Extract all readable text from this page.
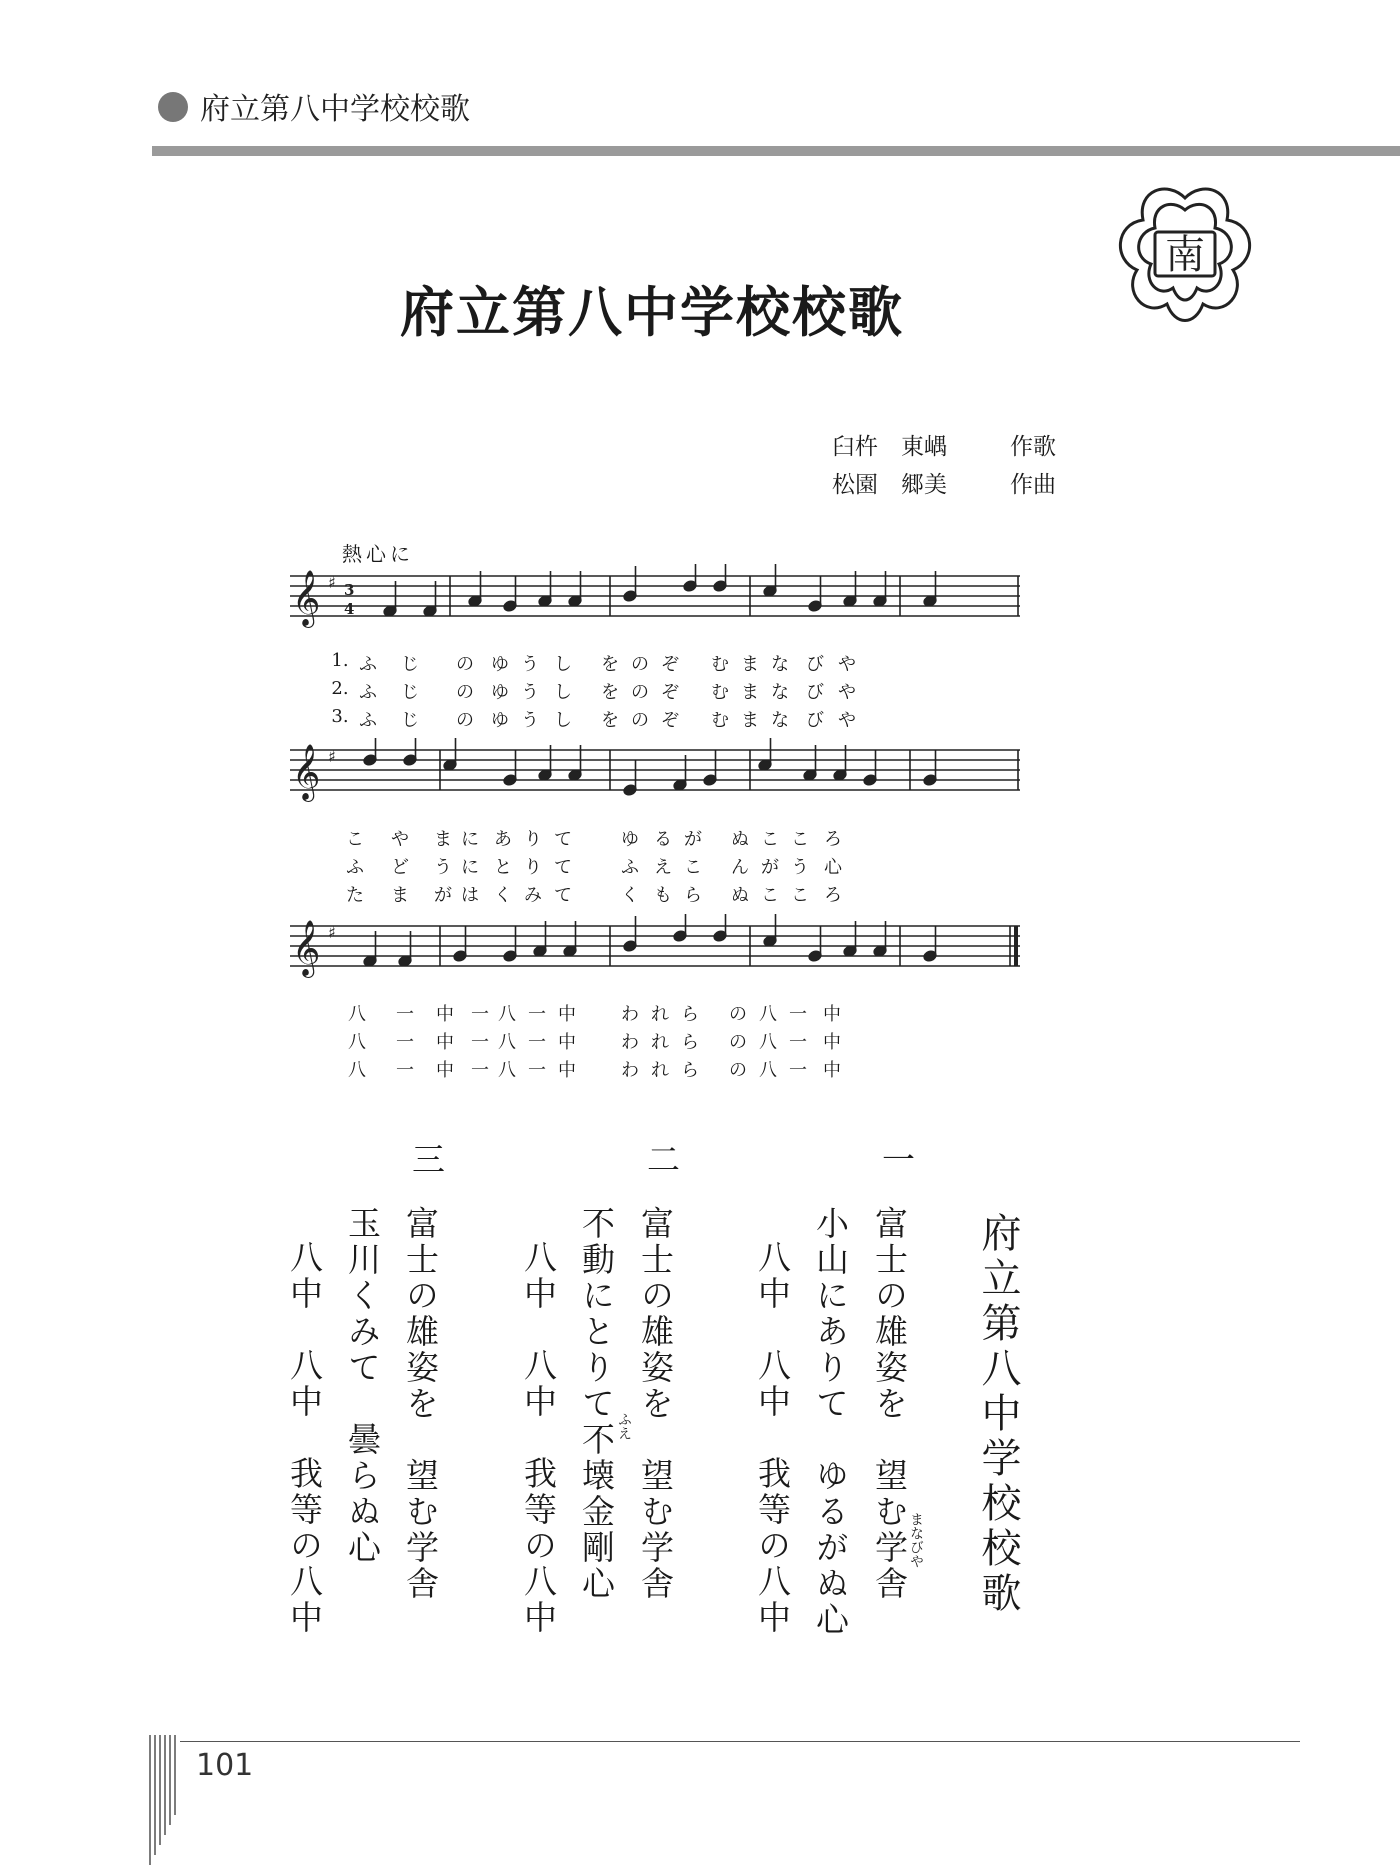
府立第八中学校校歌
府立第八中学校校歌
南
臼杵　東嵎	作歌
松園　郷美	作曲
熱心に
𝄞 ♯ 3
4
𝄞 ♯
𝄞 ♯
1. ふ	じ	の ゆ う し	を の ぞ	む ま な び や
2. ふ	じ	の ゆ う し	を の ぞ	む ま な び や
3. ふ	じ	の ゆ う し	を の ぞ	む ま な び や
こ	や	ま に あ り て	ゆ る が	ぬ こ こ ろ
ふ	ど	う に と り て	ふ え こ	ん が う 心
た	ま	が は く み て	く も ら	ぬ こ こ ろ
八	一	中 一 八 一 中	わ れ ら	の 八 一 中
八	一	中 一 八 一 中	わ れ ら	の 八 一 中
八	一	中 一 八 一 中	わ れ ら	の 八 一 中
府立第八中学校校歌
一
富士の雄姿を　望む学舎 まなびや
小山にありて　ゆるがぬ心
八中　八中　我等の八中
二
富士の雄姿を　望む学舎
不動にとりて不壊金剛心 ふえ
八中　八中　我等の八中
三
富士の雄姿を　望む学舎
玉川くみて　曇らぬ心
八中　八中　我等の八中
101
